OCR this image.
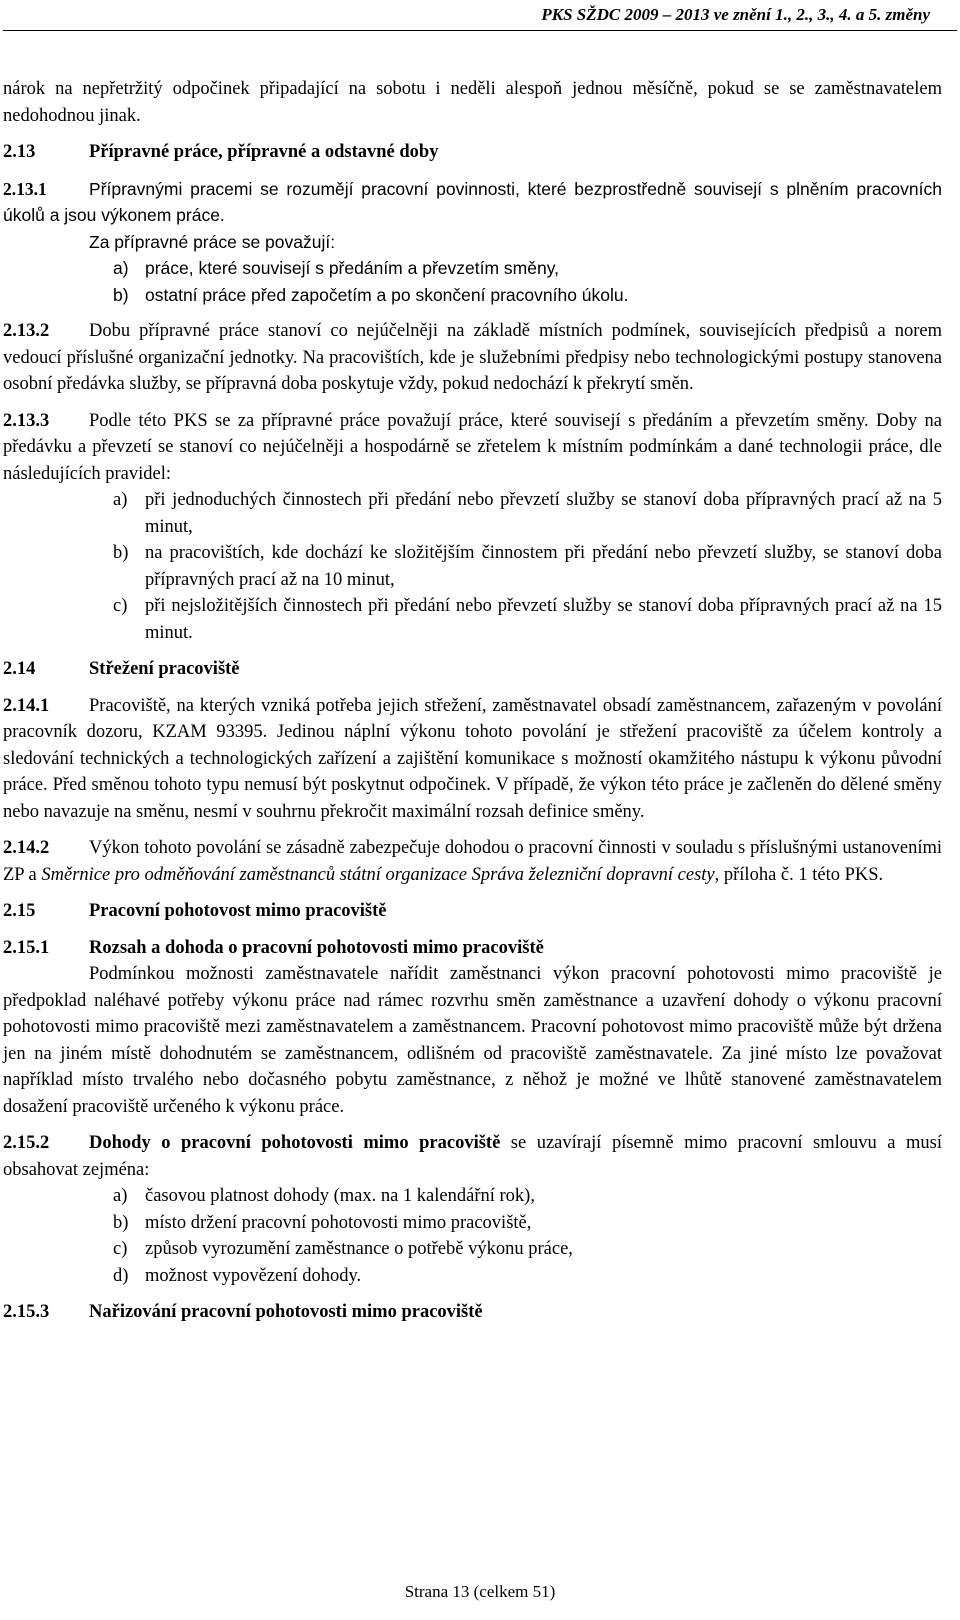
PKS SŽDC 2009 – 2013 ve znění 1., 2., 3., 4. a 5. změny

nárok na nepřetržitý odpočinek připadající na sobotu i neděli alespoň jednou měsíčně, pokud se se zaměstnavatelem nedohodnou jinak.

2.13	Přípravné práce, přípravné a odstavné doby

2.13.1 Přípravnými pracemi se rozumějí pracovní povinnosti, které bezprostředně souvisejí s plněním pracovních úkolů a jsou výkonem práce.

Za přípravné práce se považují:
a) práce, které souvisejí s předáním a převzetím směny,
b) ostatní práce před započetím a po skončení pracovního úkolu.

2.13.2 Dobu přípravné práce stanoví co nejúčelněji na základě místních podmínek, souvisejících předpisů a norem vedoucí příslušné organizační jednotky. Na pracovištích, kde je služebními předpisy nebo technologickými postupy stanovena osobní předávka služby, se přípravná doba poskytuje vždy, pokud nedochází k překrytí směn.

2.13.3 Podle této PKS se za přípravné práce považují práce, které souvisejí s předáním a převzetím směny. Doby na předávku a převzetí se stanoví co nejúčelněji a hospodárně se zřetelem k místním podmínkám a dané technologii práce, dle následujících pravidel:

a) při jednoduchých činnostech při předání nebo převzetí služby se stanoví doba přípravných prací až na 5 minut,
b) na pracovištích, kde dochází ke složitějším činnostem při předání nebo převzetí služby, se stanoví doba přípravných prací až na 10 minut,
c) při nejsložitějších činnostech při předání nebo převzetí služby se stanoví doba přípravných prací až na 15 minut.
2.14	Střežení pracoviště

2.14.1 Pracoviště, na kterých vzniká potřeba jejich střežení, zaměstnavatel obsadí zaměstnancem, zařazeným v povolání pracovník dozoru, KZAM 93395. Jedinou náplní výkonu tohoto povolání je střežení pracoviště za účelem kontroly a sledování technických a technologických zařízení a zajištění komunikace s možností okamžitého nástupu k výkonu původní práce. Před směnou tohoto typu nemusí být poskytnut odpočinek. V případě, že výkon této práce je začleněn do dělené směny nebo navazuje na směnu, nesmí v souhrnu překročit maximální rozsah definice směny.

2.14.2 Výkon tohoto povolání se zásadně zabezpečuje dohodou o pracovní činnosti v souladu s příslušnými ustanoveními ZP a Směrnice pro odměňování zaměstnanců státní organizace Správa železniční dopravní cesty, příloha č. 1 této PKS.

2.15	Pracovní pohotovost mimo pracoviště
2.15.1 Rozsah a dohoda o pracovní pohotovosti mimo pracoviště

Podmínkou možnosti zaměstnavatele nařídit zaměstnanci výkon pracovní pohotovosti mimo pracoviště je předpoklad naléhavé potřeby výkonu práce nad rámec rozvrhu směn zaměstnance a uzavření dohody o výkonu pracovní pohotovosti mimo pracoviště mezi zaměstnavatelem a zaměstnancem. Pracovní pohotovost mimo pracoviště může být držena jen na jiném místě dohodnutém se zaměstnancem, odlišném od pracoviště zaměstnavatele. Za jiné místo lze považovat například místo trvalého nebo dočasného pobytu zaměstnance, z něhož je možné ve lhůtě stanovené zaměstnavatelem dosažení pracoviště určeného k výkonu práce.

2.15.2 Dohody o pracovní pohotovosti mimo pracoviště se uzavírají písemně mimo pracovní smlouvu a musí obsahovat zejména:

a) časovou platnost dohody (max. na 1 kalendářní rok),
b) místo držení pracovní pohotovosti mimo pracoviště,
c) způsob vyrozumění zaměstnance o potřebě výkonu práce,
d) možnost vypovězení dohody.
2.15.3 Nařizování pracovní pohotovosti mimo pracoviště
Strana 13 (celkem 51)
